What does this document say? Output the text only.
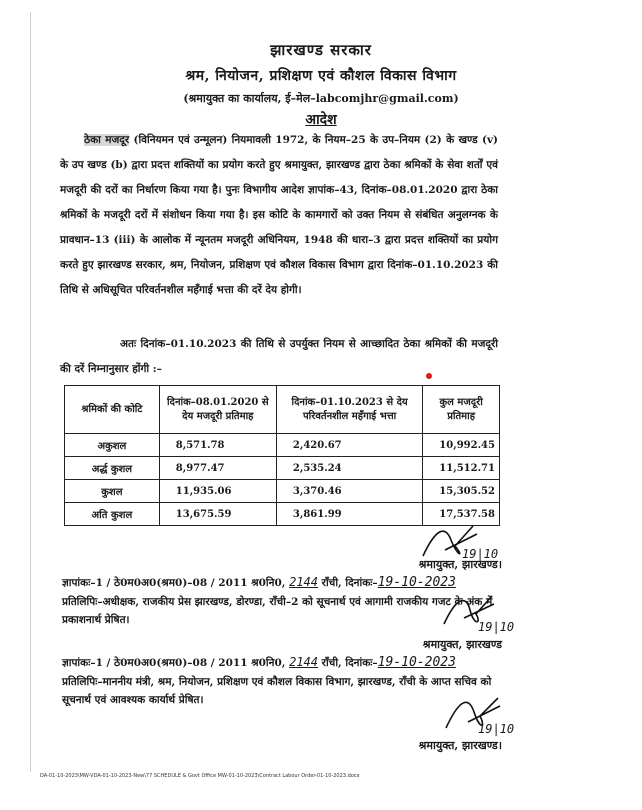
झारखण्ड सरकार
श्रम, नियोजन, प्रशिक्षण एवं कौशल विकास विभाग
(श्रमायुक्त का कार्यालय, ई–मेल–labcomjhr@gmail.com)
आदेश
ठेका मजदूर (विनियमन एवं उन्मूलन) नियमावली 1972, के नियम–25 के उप–नियम (2) के खण्ड (v) के उप खण्ड (b) द्वारा प्रदत्त शक्तियों का प्रयोग करते हुए श्रमायुक्त, झारखण्ड द्वारा ठेका श्रमिकों के सेवा शर्तों एवं मजदूरी की दरों का निर्धारण किया गया है। पुनः विभागीय आदेश ज्ञापांक–43, दिनांक–08.01.2020 द्वारा ठेका श्रमिकों के मजदूरी दरों में संशोधन किया गया है। इस कोटि के कामगारों को उक्त नियम से संबंधित अनुलग्नक के प्रावधान–13 (iii) के आलोक में न्यूनतम मजदूरी अधिनियम, 1948 की धारा–3 द्वारा प्रदत्त शक्तियों का प्रयोग करते हुए झारखण्ड सरकार, श्रम, नियोजन, प्रशिक्षण एवं कौशल विकास विभाग द्वारा दिनांक–01.10.2023 की तिथि से अधिसूचित परिवर्तनशील महँगाई भत्ता की दरें देय होगी।
अतः दिनांक–01.10.2023 की तिथि से उपर्युक्त नियम से आच्छादित ठेका श्रमिकों की मजदूरी की दरें निम्नानुसार होंगी :–
श्रमिकों की कोटि	दिनांक–08.01.2020 से देय मजदूरी प्रतिमाह	दिनांक–01.10.2023 से देय परिवर्तनशील महँगाई भत्ता	कुल मजदूरी प्रतिमाह
अकुशल	8,571.78	2,420.67	10,992.45
अर्द्ध कुशल	8,977.47	2,535.24	11,512.71
कुशल	11,935.06	3,370.46	15,305.52
अति कुशल	13,675.59	3,861.99	17,537.58
19|10
श्रमायुक्त, झारखण्ड।
ज्ञापांकः–1 / ठे0म0अ0(श्रम0)–08 / 2011 श्र0नि0, 2144 राँची, दिनांकः–19-10-2023
प्रतिलिपिः–अधीक्षक, राजकीय प्रेस झारखण्ड, डोरण्डा, राँची–2 को सूचनार्थ एवं आगामी राजकीय गजट के अंक में प्रकाशनार्थ प्रेषित।	19|10
श्रमायुक्त, झारखण्ड
ज्ञापांकः–1 / ठे0म0अ0(श्रम0)–08 / 2011 श्र0नि0, 2144 राँची, दिनांकः–19-10-2023
प्रतिलिपिः–माननीय मंत्री, श्रम, नियोजन, प्रशिक्षण एवं कौशल विकास विभाग, झारखण्ड, राँची के आप्त सचिव को सूचनार्थ एवं आवश्यक कार्यार्थ प्रेषित।
19|10
श्रमायुक्त, झारखण्ड।
DA-01-10-2023\MW-VDA-01-10-2023-New\77 SCHEDULE & Govt Office MW-01-10-2023\Contract Labour Order-01-10-2023.docx
